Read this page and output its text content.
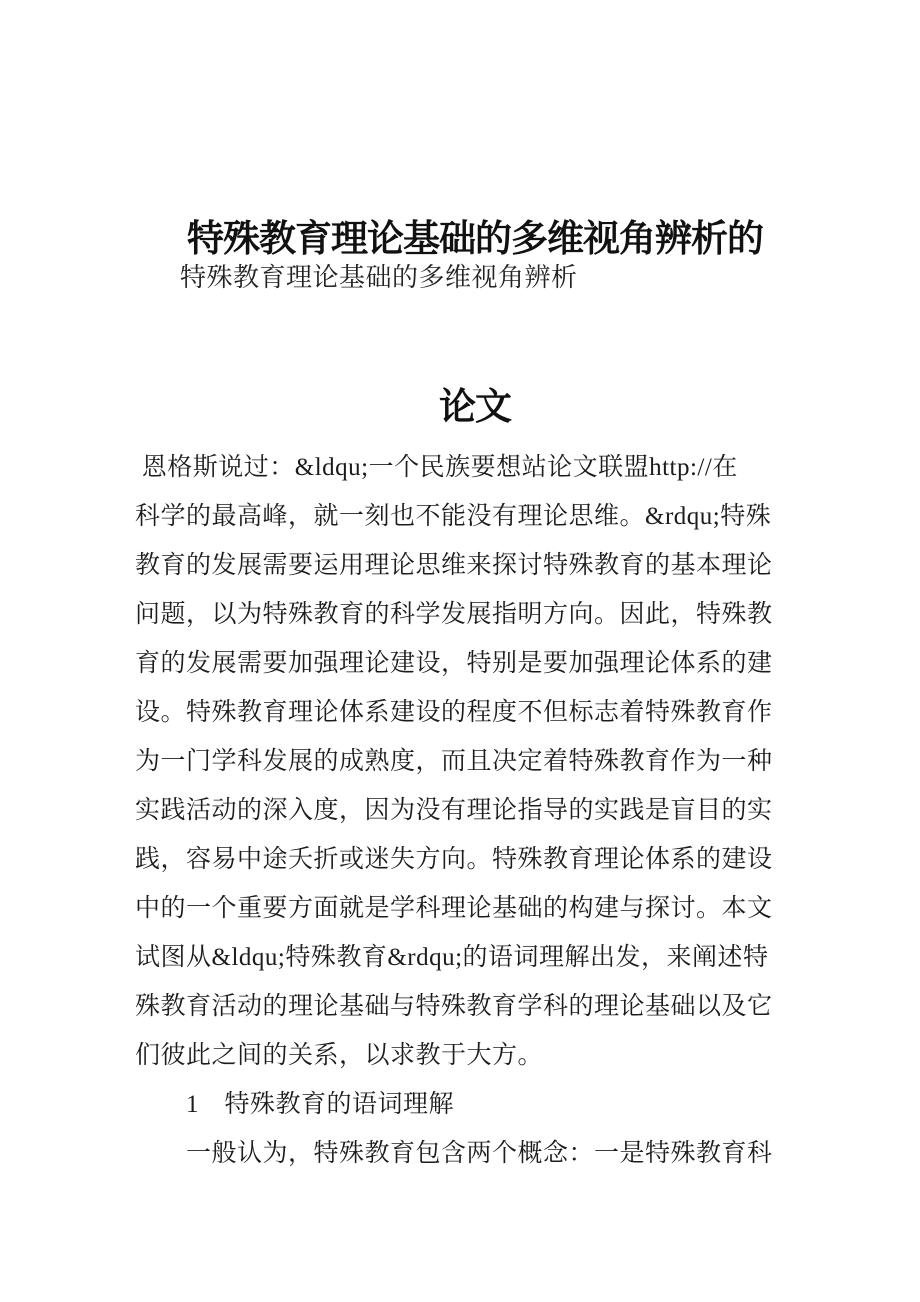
特殊教育理论基础的多维视角辨析的

论文

特殊教育理论基础的多维视角辨析
恩格斯说过：&ldqu;一个民族要想站论文联盟http://在
科学的最高峰，就一刻也不能没有理论思维。&rdqu;特殊
教育的发展需要运用理论思维来探讨特殊教育的基本理论
问题，以为特殊教育的科学发展指明方向。因此，特殊教
育的发展需要加强理论建设，特别是要加强理论体系的建
设。特殊教育理论体系建设的程度不但标志着特殊教育作
为一门学科发展的成熟度，而且决定着特殊教育作为一种
实践活动的深入度，因为没有理论指导的实践是盲目的实
践，容易中途夭折或迷失方向。特殊教育理论体系的建设
中的一个重要方面就是学科理论基础的构建与探讨。本文
试图从&ldqu;特殊教育&rdqu;的语词理解出发，来阐述特
殊教育活动的理论基础与特殊教育学科的理论基础以及它
们彼此之间的关系，以求教于大方。
　　1　特殊教育的语词理解
　　一般认为，特殊教育包含两个概念：一是特殊教育科
